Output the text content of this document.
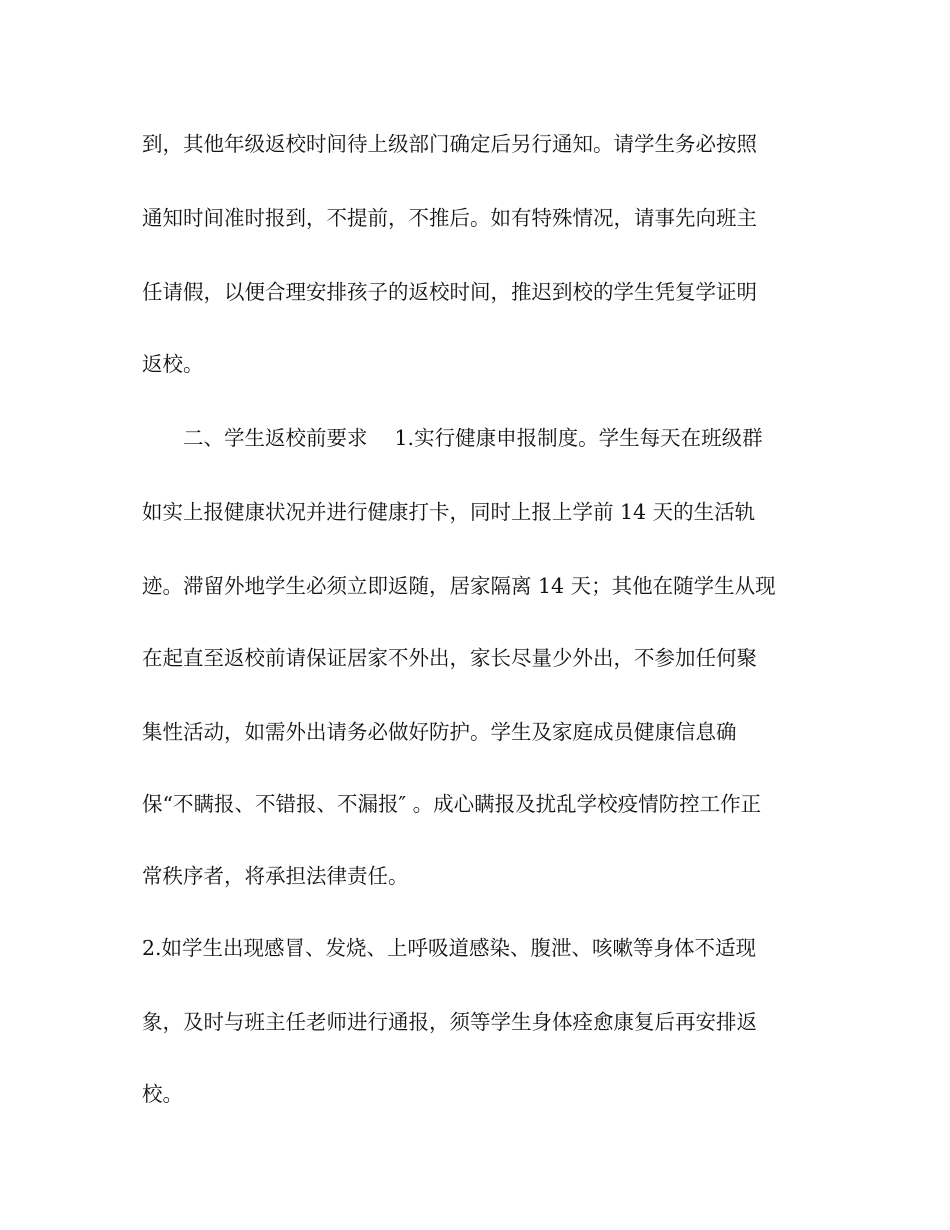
到，其他年级返校时间待上级部门确定后另行通知。请学生务必按照
通知时间准时报到，不提前，不推后。如有特殊情况，请事先向班主
任请假，以便合理安排孩子的返校时间，推迟到校的学生凭复学证明
返校。
　　二、学生返校前要求　 1.实行健康申报制度。学生每天在班级群
如实上报健康状况并进行健康打卡，同时上报上学前 14 天的生活轨
迹。滞留外地学生必须立即返随，居家隔离 14 天；其他在随学生从现
在起直至返校前请保证居家不外出，家长尽量少外出，不参加任何聚
集性活动，如需外出请务必做好防护。学生及家庭成员健康信息确
保“不瞒报、不错报、不漏报″ 。成心瞒报及扰乱学校疫情防控工作正
常秩序者，将承担法律责任。
2.如学生出现感冒、发烧、上呼吸道感染、腹泄、咳嗽等身体不适现
象，及时与班主任老师进行通报，须等学生身体痊愈康复后再安排返
校。
